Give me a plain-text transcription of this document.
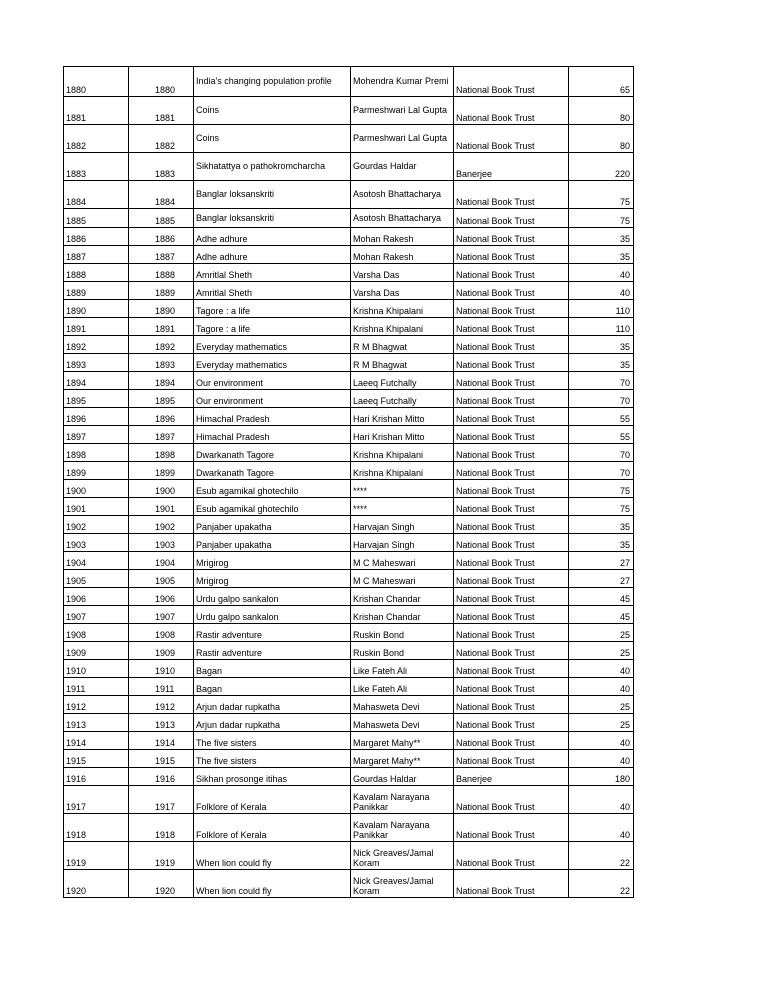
1880	1880	India's changing population profile	Mohendra Kumar Premi	National Book Trust	65
1881	1881	Coins	Parmeshwari Lal Gupta	National Book Trust	80
1882	1882	Coins	Parmeshwari Lal Gupta	National Book Trust	80
1883	1883	Sikhatattya o pathokromcharcha	Gourdas Haldar	Banerjee	220
1884	1884	Banglar loksanskriti	Asotosh Bhattacharya	National Book Trust	75
1885	1885	Banglar loksanskriti	Asotosh Bhattacharya	National Book Trust	75
1886	1886	Adhe adhure	Mohan Rakesh	National Book Trust	35
1887	1887	Adhe adhure	Mohan Rakesh	National Book Trust	35
1888	1888	Amritlal Sheth	Varsha Das	National Book Trust	40
1889	1889	Amritlal Sheth	Varsha Das	National Book Trust	40
1890	1890	Tagore : a life	Krishna Khipalani	National Book Trust	110
1891	1891	Tagore : a life	Krishna Khipalani	National Book Trust	110
1892	1892	Everyday mathematics	R M Bhagwat	National Book Trust	35
1893	1893	Everyday mathematics	R M Bhagwat	National Book Trust	35
1894	1894	Our environment	Laeeq Futchally	National Book Trust	70
1895	1895	Our environment	Laeeq Futchally	National Book Trust	70
1896	1896	Himachal Pradesh	Hari Krishan Mitto	National Book Trust	55
1897	1897	Himachal Pradesh	Hari Krishan Mitto	National Book Trust	55
1898	1898	Dwarkanath Tagore	Krishna Khipalani	National Book Trust	70
1899	1899	Dwarkanath Tagore	Krishna Khipalani	National Book Trust	70
1900	1900	Esub agamikal ghotechilo	****	National Book Trust	75
1901	1901	Esub agamikal ghotechilo	****	National Book Trust	75
1902	1902	Panjaber upakatha	Harvajan Singh	National Book Trust	35
1903	1903	Panjaber upakatha	Harvajan Singh	National Book Trust	35
1904	1904	Mrigirog	M C Maheswari	National Book Trust	27
1905	1905	Mrigirog	M C Maheswari	National Book Trust	27
1906	1906	Urdu galpo sankalon	Krishan Chandar	National Book Trust	45
1907	1907	Urdu galpo sankalon	Krishan Chandar	National Book Trust	45
1908	1908	Rastir adventure	Ruskin Bond	National Book Trust	25
1909	1909	Rastir adventure	Ruskin Bond	National Book Trust	25
1910	1910	Bagan	Like Fateh Ali	National Book Trust	40
1911	1911	Bagan	Like Fateh Ali	National Book Trust	40
1912	1912	Arjun dadar rupkatha	Mahasweta Devi	National Book Trust	25
1913	1913	Arjun dadar rupkatha	Mahasweta Devi	National Book Trust	25
1914	1914	The five sisters	Margaret Mahy**	National Book Trust	40
1915	1915	The five sisters	Margaret Mahy**	National Book Trust	40
1916	1916	Sikhan prosonge itihas	Gourdas Haldar	Banerjee	180
1917	1917	Folklore of Kerala	Kavalam Narayana Panikkar	National Book Trust	40
1918	1918	Folklore of Kerala	Kavalam Narayana Panikkar	National Book Trust	40
1919	1919	When lion could fly	Nick Greaves/Jamal Koram	National Book Trust	22
1920	1920	When lion could fly	Nick Greaves/Jamal Koram	National Book Trust	22
